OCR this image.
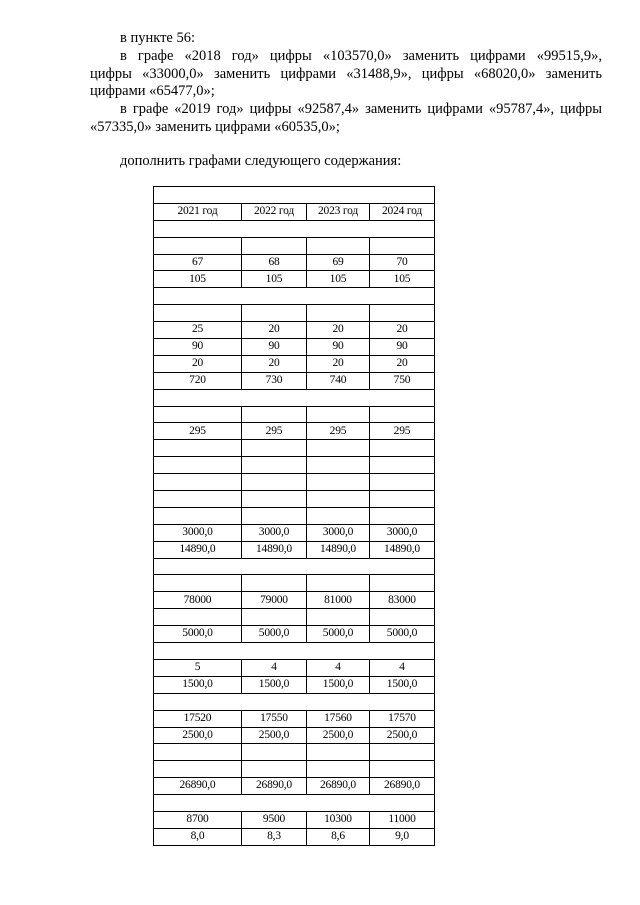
в пункте 56:

в графе «2018 год» цифры «103570,0» заменить цифрами «99515,9»,
цифры «33000,0» заменить цифрами «31488,9», цифры «68020,0» заменить
цифрами «65477,0»;
в графе «2019 год» цифры «92587,4» заменить цифрами «95787,4», цифры
«57335,0» заменить цифрами «60535,0»;

дополнить графами следующего содержания:

2021 год	2022 год	2023 год	2024 год

67	68	69	70
105	105	105	105

25	20	20	20
90	90	90	90
20	20	20	20
720	730	740	750

295	295	295	295

3000,0	3000,0	3000,0	3000,0
14890,0	14890,0	14890,0	14890,0

78000	79000	81000	83000

5000,0	5000,0	5000,0	5000,0

5	4	4	4
1500,0	1500,0	1500,0	1500,0

17520	17550	17560	17570
2500,0	2500,0	2500,0	2500,0

26890,0	26890,0	26890,0	26890,0

8700	9500	10300	11000
8,0	8,3	8,6	9,0
